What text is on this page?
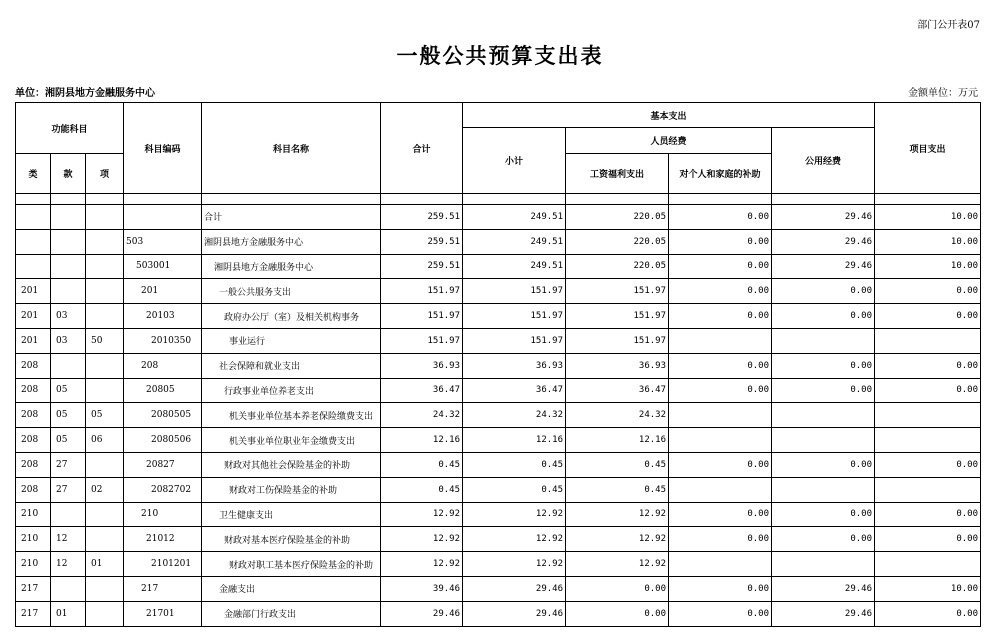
部门公开表07
一般公共预算支出表
单位：湘阴县地方金融服务中心	金额单位：万元
功能科目			科目编码	科目名称	合计	基本支出				项目支出
						小计	人员经费		公用经费	
类	款	项					工资福利支出	对个人和家庭的补助		

				合计	259.51	249.51	220.05	0.00	29.46	10.00
			503	湘阴县地方金融服务中心	259.51	249.51	220.05	0.00	29.46	10.00
			503001	湘阴县地方金融服务中心	259.51	249.51	220.05	0.00	29.46	10.00
201			201	一般公共服务支出	151.97	151.97	151.97	0.00	0.00	0.00
201	03		20103	政府办公厅（室）及相关机构事务	151.97	151.97	151.97	0.00	0.00	0.00
201	03	50	2010350	事业运行	151.97	151.97	151.97			
208			208	社会保障和就业支出	36.93	36.93	36.93	0.00	0.00	0.00
208	05		20805	行政事业单位养老支出	36.47	36.47	36.47	0.00	0.00	0.00
208	05	05	2080505	机关事业单位基本养老保险缴费支出	24.32	24.32	24.32			
208	05	06	2080506	机关事业单位职业年金缴费支出	12.16	12.16	12.16			
208	27		20827	财政对其他社会保险基金的补助	0.45	0.45	0.45	0.00	0.00	0.00
208	27	02	2082702	财政对工伤保险基金的补助	0.45	0.45	0.45			
210			210	卫生健康支出	12.92	12.92	12.92	0.00	0.00	0.00
210	12		21012	财政对基本医疗保险基金的补助	12.92	12.92	12.92	0.00	0.00	0.00
210	12	01	2101201	财政对职工基本医疗保险基金的补助	12.92	12.92	12.92			
217			217	金融支出	39.46	29.46	0.00	0.00	29.46	10.00
217	01		21701	金融部门行政支出	29.46	29.46	0.00	0.00	29.46	0.00
